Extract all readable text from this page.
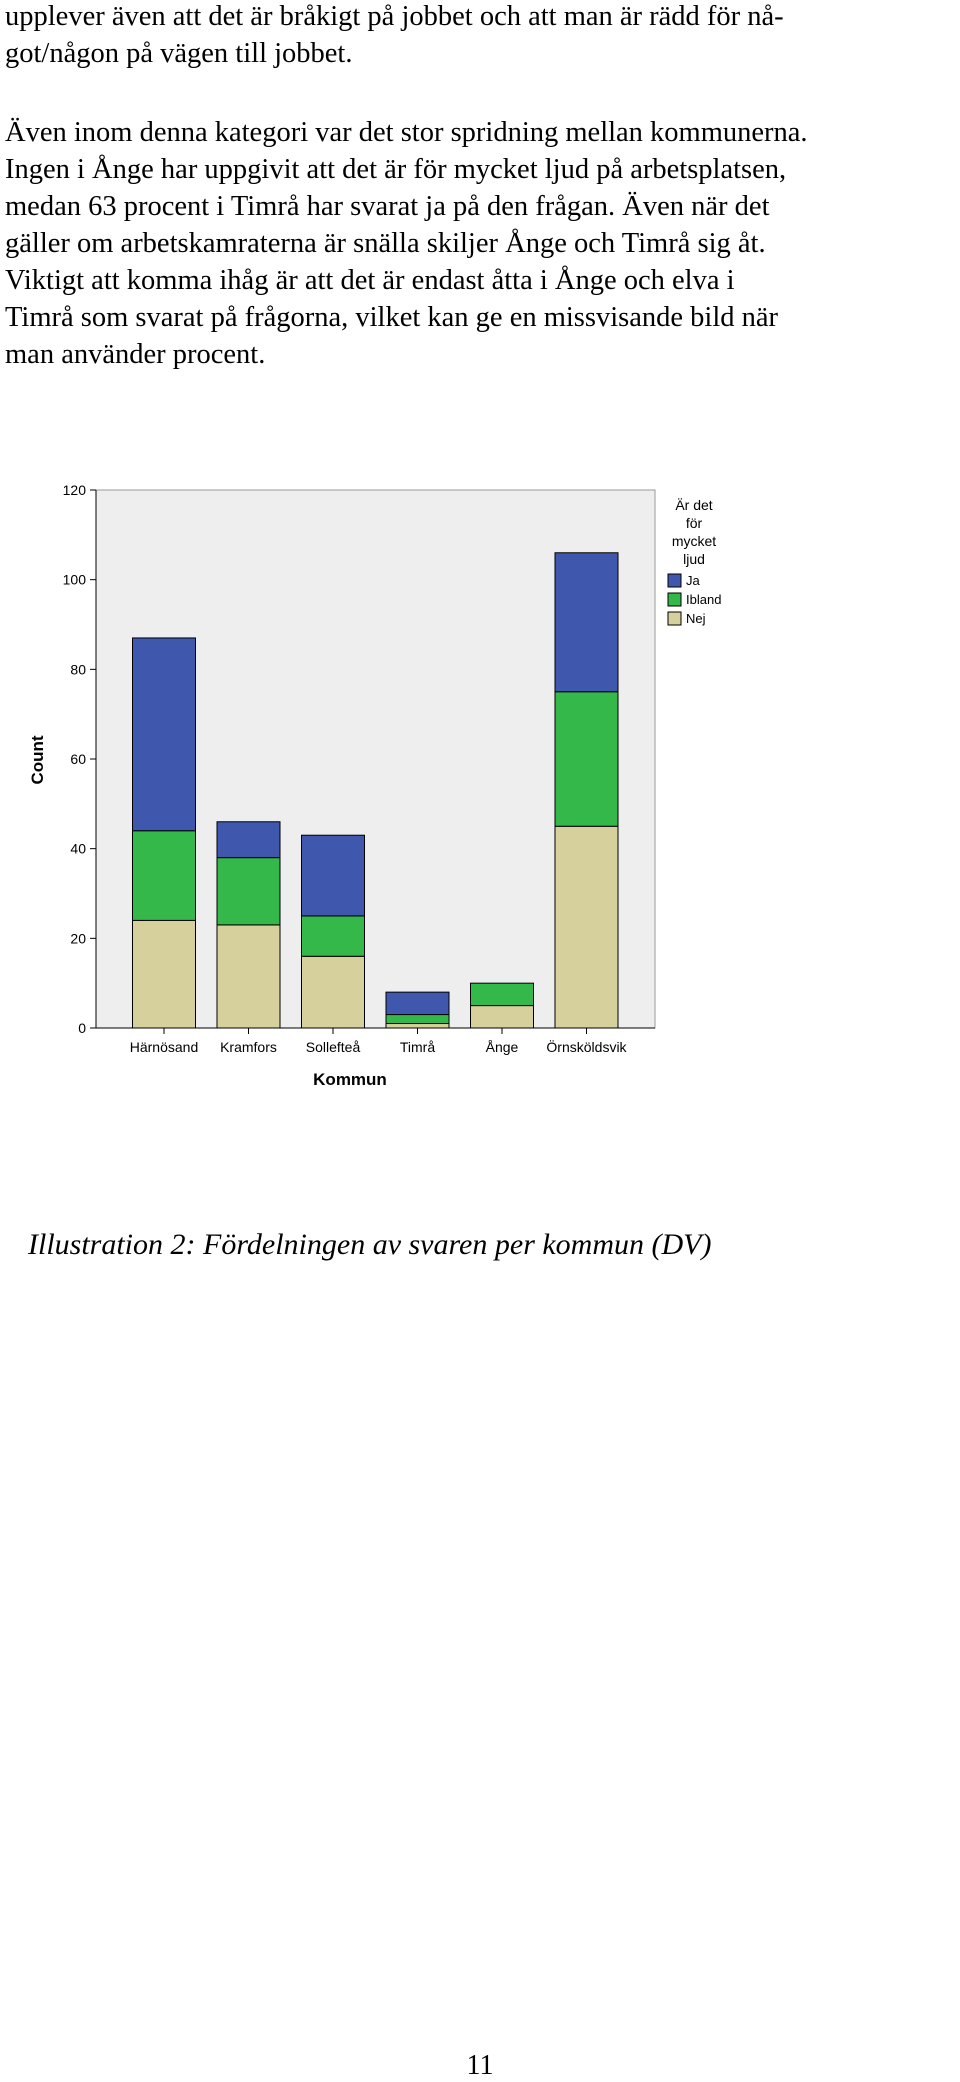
upplever även att det är bråkigt på jobbet och att man är rädd för nå-
got/någon på vägen till jobbet.
Även inom denna kategori var det stor spridning mellan kommunerna.
Ingen i Ånge har uppgivit att det är för mycket ljud på arbetsplatsen,
medan 63 procent i Timrå har svarat ja på den frågan. Även när det
gäller om arbetskamraterna är snälla skiljer Ånge och Timrå sig åt.
Viktigt att komma ihåg är att det är endast åtta i Ånge och elva i
Timrå som svarat på frågorna, vilket kan ge en missvisande bild när
man använder procent.
0
20
40
60
80
100
120
Härnösand Kramfors Sollefteå	Timrå	Ånge Örnsköldsvik
Kommun
Count
Är det
för
mycket
ljud
Ja
Ibland
Nej

Illustration 2: Fördelningen av svaren per kommun (DV)

11
